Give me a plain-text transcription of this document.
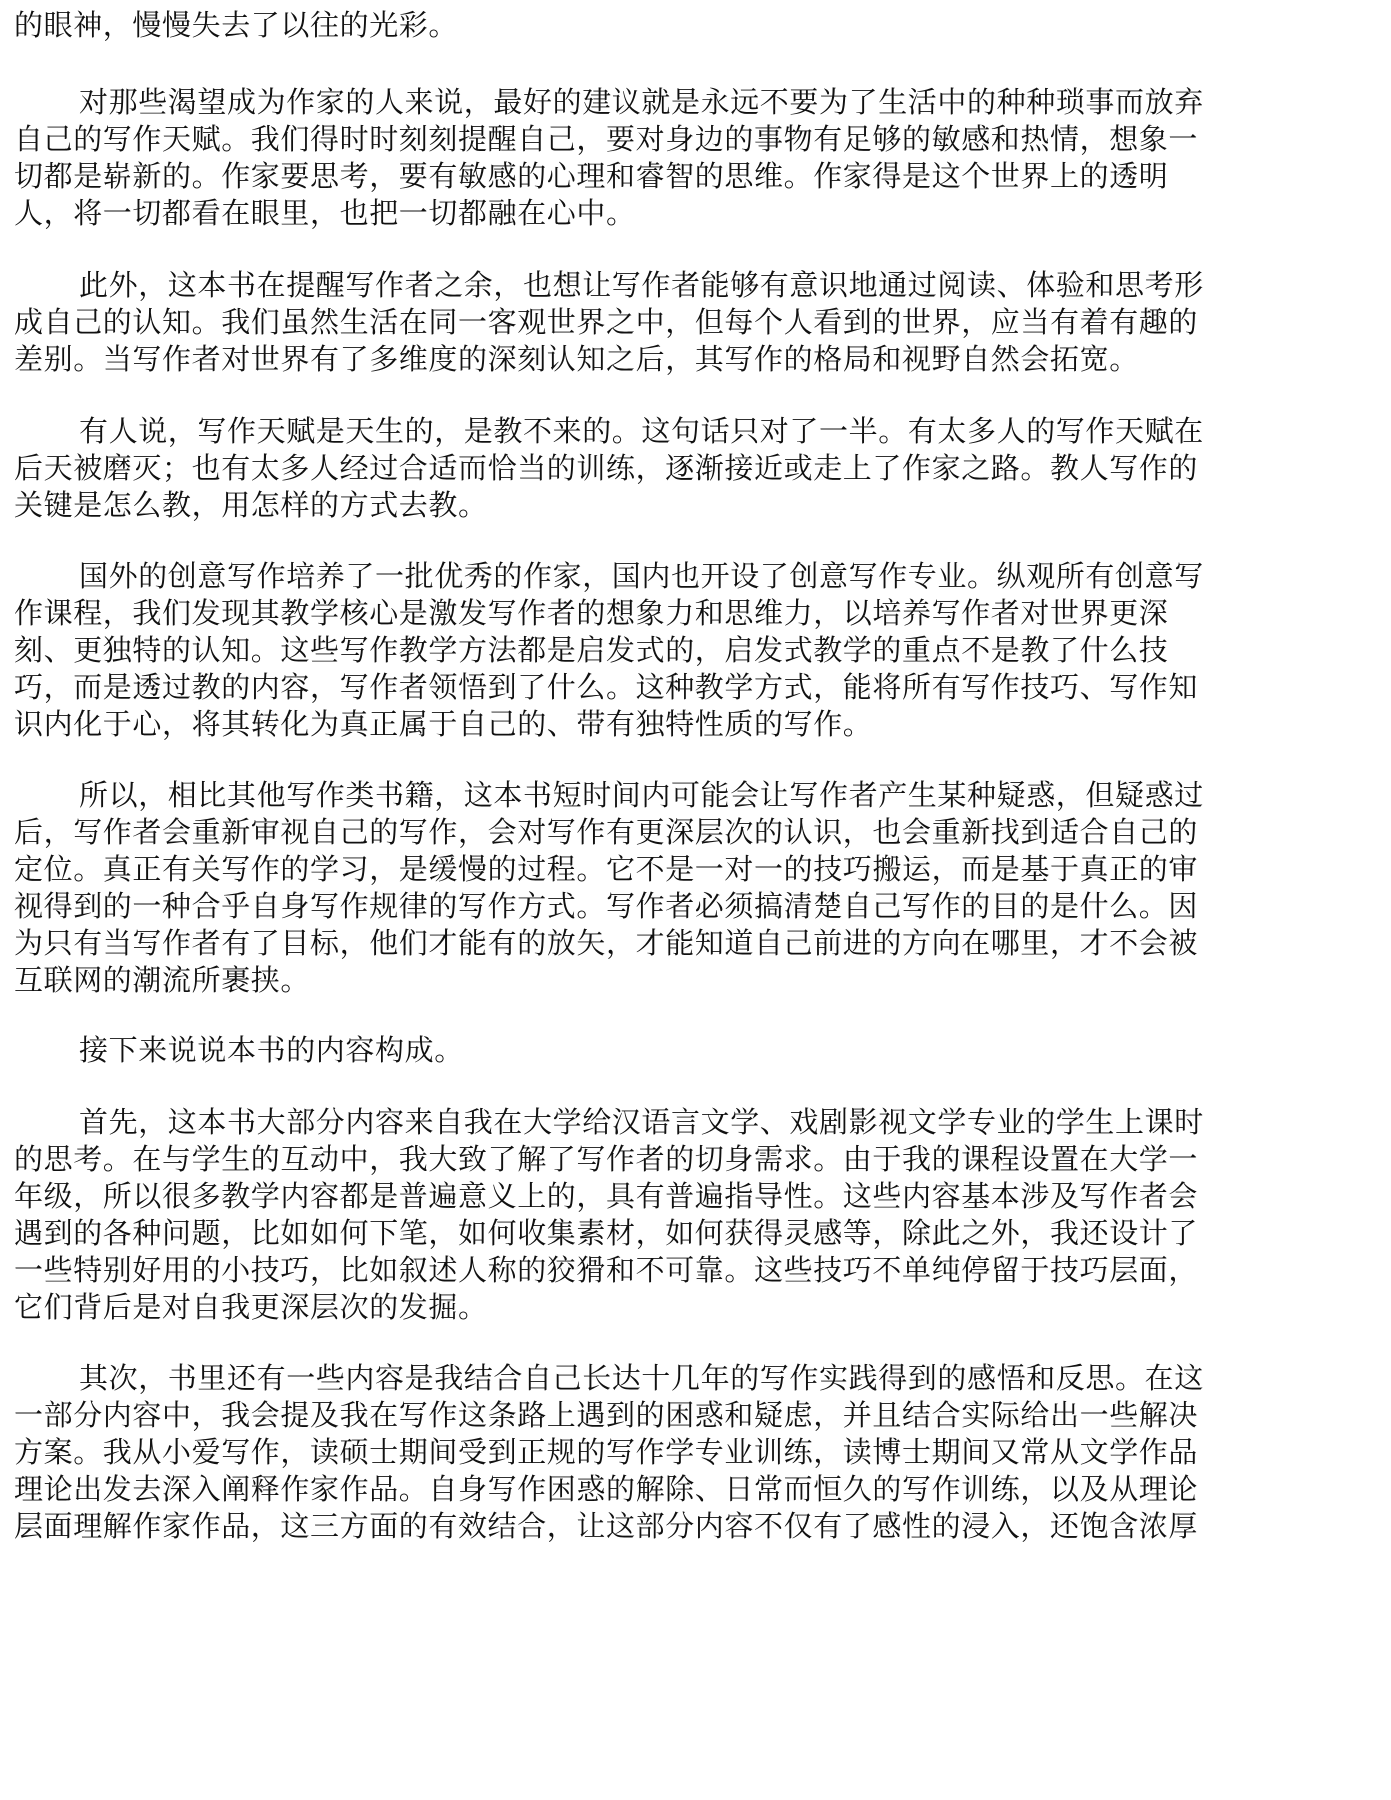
的眼神，慢慢失去了以往的光彩。
对那些渴望成为作家的人来说，最好的建议就是永远不要为了生活中的种种琐事而放弃
自己的写作天赋。我们得时时刻刻提醒自己，要对身边的事物有足够的敏感和热情，想象一
切都是崭新的。作家要思考，要有敏感的心理和睿智的思维。作家得是这个世界上的透明
人，将一切都看在眼里，也把一切都融在心中。
此外，这本书在提醒写作者之余，也想让写作者能够有意识地通过阅读、体验和思考形
成自己的认知。我们虽然生活在同一客观世界之中，但每个人看到的世界，应当有着有趣的
差别。当写作者对世界有了多维度的深刻认知之后，其写作的格局和视野自然会拓宽。
有人说，写作天赋是天生的，是教不来的。这句话只对了一半。有太多人的写作天赋在
后天被磨灭；也有太多人经过合适而恰当的训练，逐渐接近或走上了作家之路。教人写作的
关键是怎么教，用怎样的方式去教。
国外的创意写作培养了一批优秀的作家，国内也开设了创意写作专业。纵观所有创意写
作课程，我们发现其教学核心是激发写作者的想象力和思维力，以培养写作者对世界更深
刻、更独特的认知。这些写作教学方法都是启发式的，启发式教学的重点不是教了什么技
巧，而是透过教的内容，写作者领悟到了什么。这种教学方式，能将所有写作技巧、写作知
识内化于心，将其转化为真正属于自己的、带有独特性质的写作。
所以，相比其他写作类书籍，这本书短时间内可能会让写作者产生某种疑惑，但疑惑过
后，写作者会重新审视自己的写作，会对写作有更深层次的认识，也会重新找到适合自己的
定位。真正有关写作的学习，是缓慢的过程。它不是一对一的技巧搬运，而是基于真正的审
视得到的一种合乎自身写作规律的写作方式。写作者必须搞清楚自己写作的目的是什么。因
为只有当写作者有了目标，他们才能有的放矢，才能知道自己前进的方向在哪里，才不会被
互联网的潮流所裹挟。
接下来说说本书的内容构成。
首先，这本书大部分内容来自我在大学给汉语言文学、戏剧影视文学专业的学生上课时
的思考。在与学生的互动中，我大致了解了写作者的切身需求。由于我的课程设置在大学一
年级，所以很多教学内容都是普遍意义上的，具有普遍指导性。这些内容基本涉及写作者会
遇到的各种问题，比如如何下笔，如何收集素材，如何获得灵感等，除此之外，我还设计了
一些特别好用的小技巧，比如叙述人称的狡猾和不可靠。这些技巧不单纯停留于技巧层面，
它们背后是对自我更深层次的发掘。
其次，书里还有一些内容是我结合自己长达十几年的写作实践得到的感悟和反思。在这
一部分内容中，我会提及我在写作这条路上遇到的困惑和疑虑，并且结合实际给出一些解决
方案。我从小爱写作，读硕士期间受到正规的写作学专业训练，读博士期间又常从文学作品
理论出发去深入阐释作家作品。自身写作困惑的解除、日常而恒久的写作训练，以及从理论
层面理解作家作品，这三方面的有效结合，让这部分内容不仅有了感性的浸入，还饱含浓厚
